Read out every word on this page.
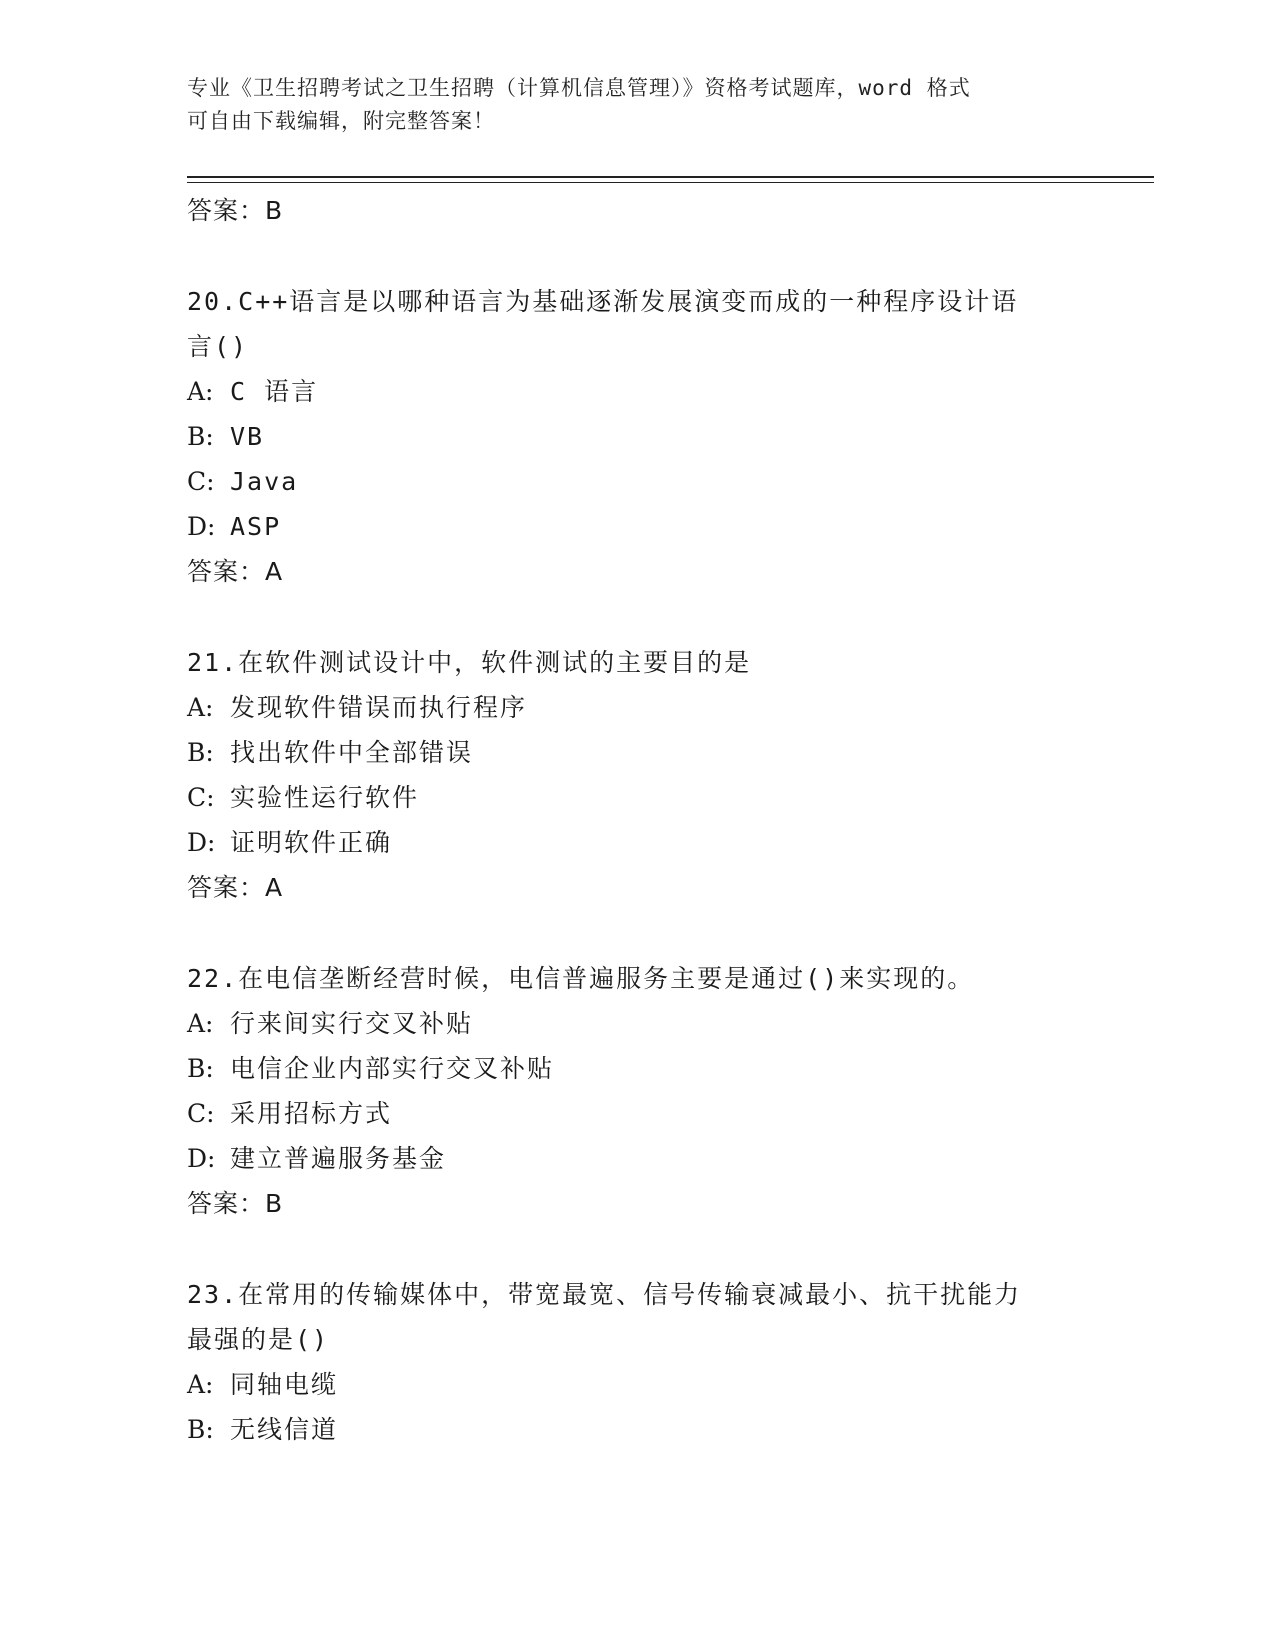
专业《卫生招聘考试之卫生招聘（计算机信息管理）》资格考试题库，word 格式
可自由下载编辑，附完整答案！
答案：B
20.C++语言是以哪种语言为基础逐渐发展演变而成的一种程序设计语
言()
A: C 语言
B: VB
C: Java
D: ASP
答案：A
21.在软件测试设计中，软件测试的主要目的是
A: 发现软件错误而执行程序
B: 找出软件中全部错误
C: 实验性运行软件
D: 证明软件正确
答案：A
22.在电信垄断经营时候，电信普遍服务主要是通过()来实现的。
A: 行来间实行交叉补贴
B: 电信企业内部实行交叉补贴
C: 采用招标方式
D: 建立普遍服务基金
答案：B
23.在常用的传输媒体中，带宽最宽、信号传输衰减最小、抗干扰能力
最强的是()
A: 同轴电缆
B: 无线信道
